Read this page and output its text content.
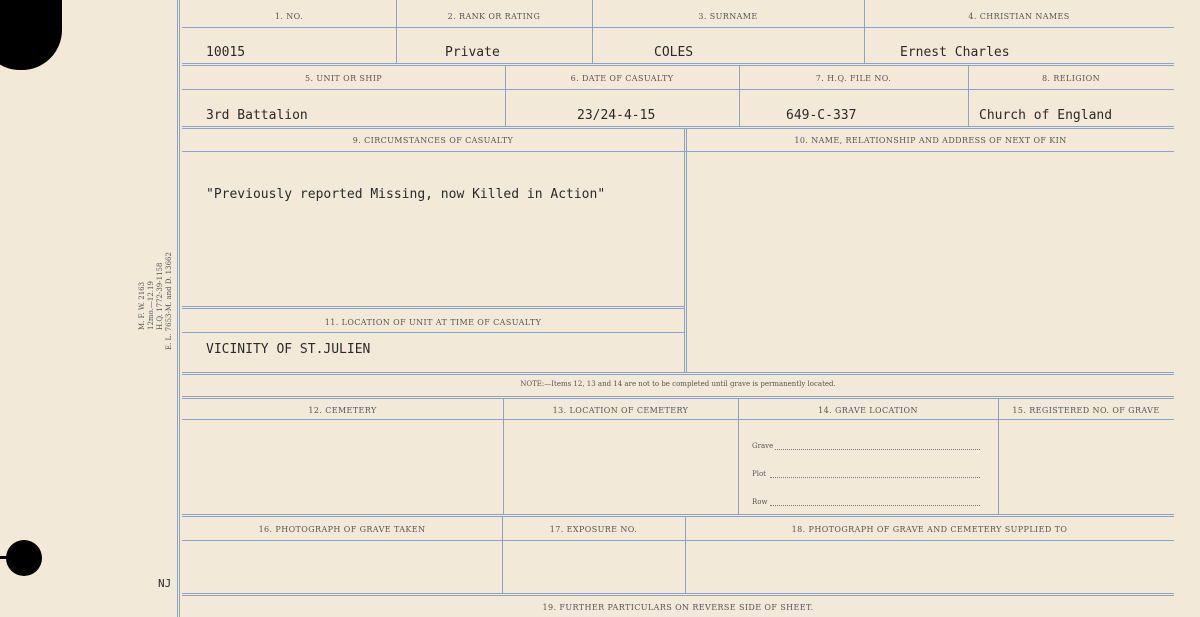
M. F. W. 2163 12mo.—12.19 H.Q. 1772-39-1158 E. L. 7653-M. and D. 13662
NJ
1. NO.	2. RANK OR RATING	3. SURNAME	4. CHRISTIAN NAMES
10015	Private	COLES	Ernest Charles
5. UNIT OR SHIP	6. DATE OF CASUALTY	7. H.Q. FILE NO.	8. RELIGION
3rd Battalion	23/24-4-15	649-C-337	Church of England
9. CIRCUMSTANCES OF CASUALTY	10. NAME, RELATIONSHIP AND ADDRESS OF NEXT OF KIN
"Previously reported Missing, now Killed in Action"
11. LOCATION OF UNIT AT TIME OF CASUALTY
VICINITY OF ST.JULIEN
NOTE:—Items 12, 13 and 14 are not to be completed until grave is permanently located.
12. CEMETERY	13. LOCATION OF CEMETERY	14. GRAVE LOCATION	15. REGISTERED NO. OF GRAVE
Grave
Plot
Row
16. PHOTOGRAPH OF GRAVE TAKEN	17. EXPOSURE NO.	18. PHOTOGRAPH OF GRAVE AND CEMETERY SUPPLIED TO
19. FURTHER PARTICULARS ON REVERSE SIDE OF SHEET.
